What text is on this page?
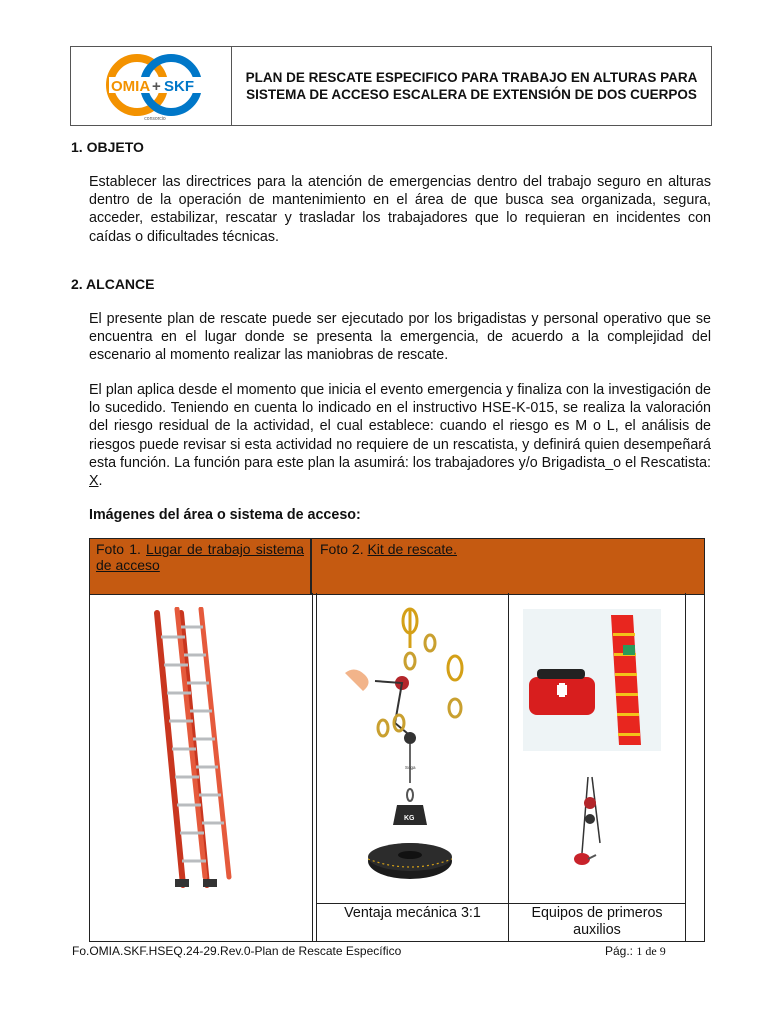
OMIA + SKF
consorcio
PLAN DE RESCATE ESPECIFICO PARA TRABAJO EN ALTURAS PARA
SISTEMA DE ACCESO ESCALERA DE EXTENSIÓN DE DOS CUERPOS
1. OBJETO
Establecer las directrices para la atención de emergencias dentro del trabajo seguro en alturas dentro de la operación de mantenimiento en el área de que busca sea organizada, segura, acceder, estabilizar, rescatar y trasladar los trabajadores que lo requieran en incidentes con caídas o dificultades técnicas.
2. ALCANCE
El presente plan de rescate puede ser ejecutado por los brigadistas y personal operativo que se encuentra en el lugar donde se presenta la emergencia, de acuerdo a la complejidad del escenario al momento realizar las maniobras de rescate.
El plan aplica desde el momento que inicia el evento emergencia y finaliza con la investigación de lo sucedido. Teniendo en cuenta lo indicado en el instructivo HSE-K-015, se realiza la valoración del riesgo residual de la actividad, el cual establece: cuando el riesgo es M o L, el análisis de riesgos puede revisar si esta actividad no requiere de un rescatista, y definirá quien desempeñará esta función. La función para este plan la asumirá: los trabajadores y/o Brigadista_o el Rescatista: X.
Imágenes del área o sistema de acceso:
Foto 1. Lugar de trabajo sistema de acceso
Foto 2. Kit de rescate.
Soga
KG
Ventaja mecánica 3:1	Equipos de primeros auxilios
Fo.OMIA.SKF.HSEQ.24-29.Rev.0-Plan de Rescate Específico	Pág.: 1 de 9
